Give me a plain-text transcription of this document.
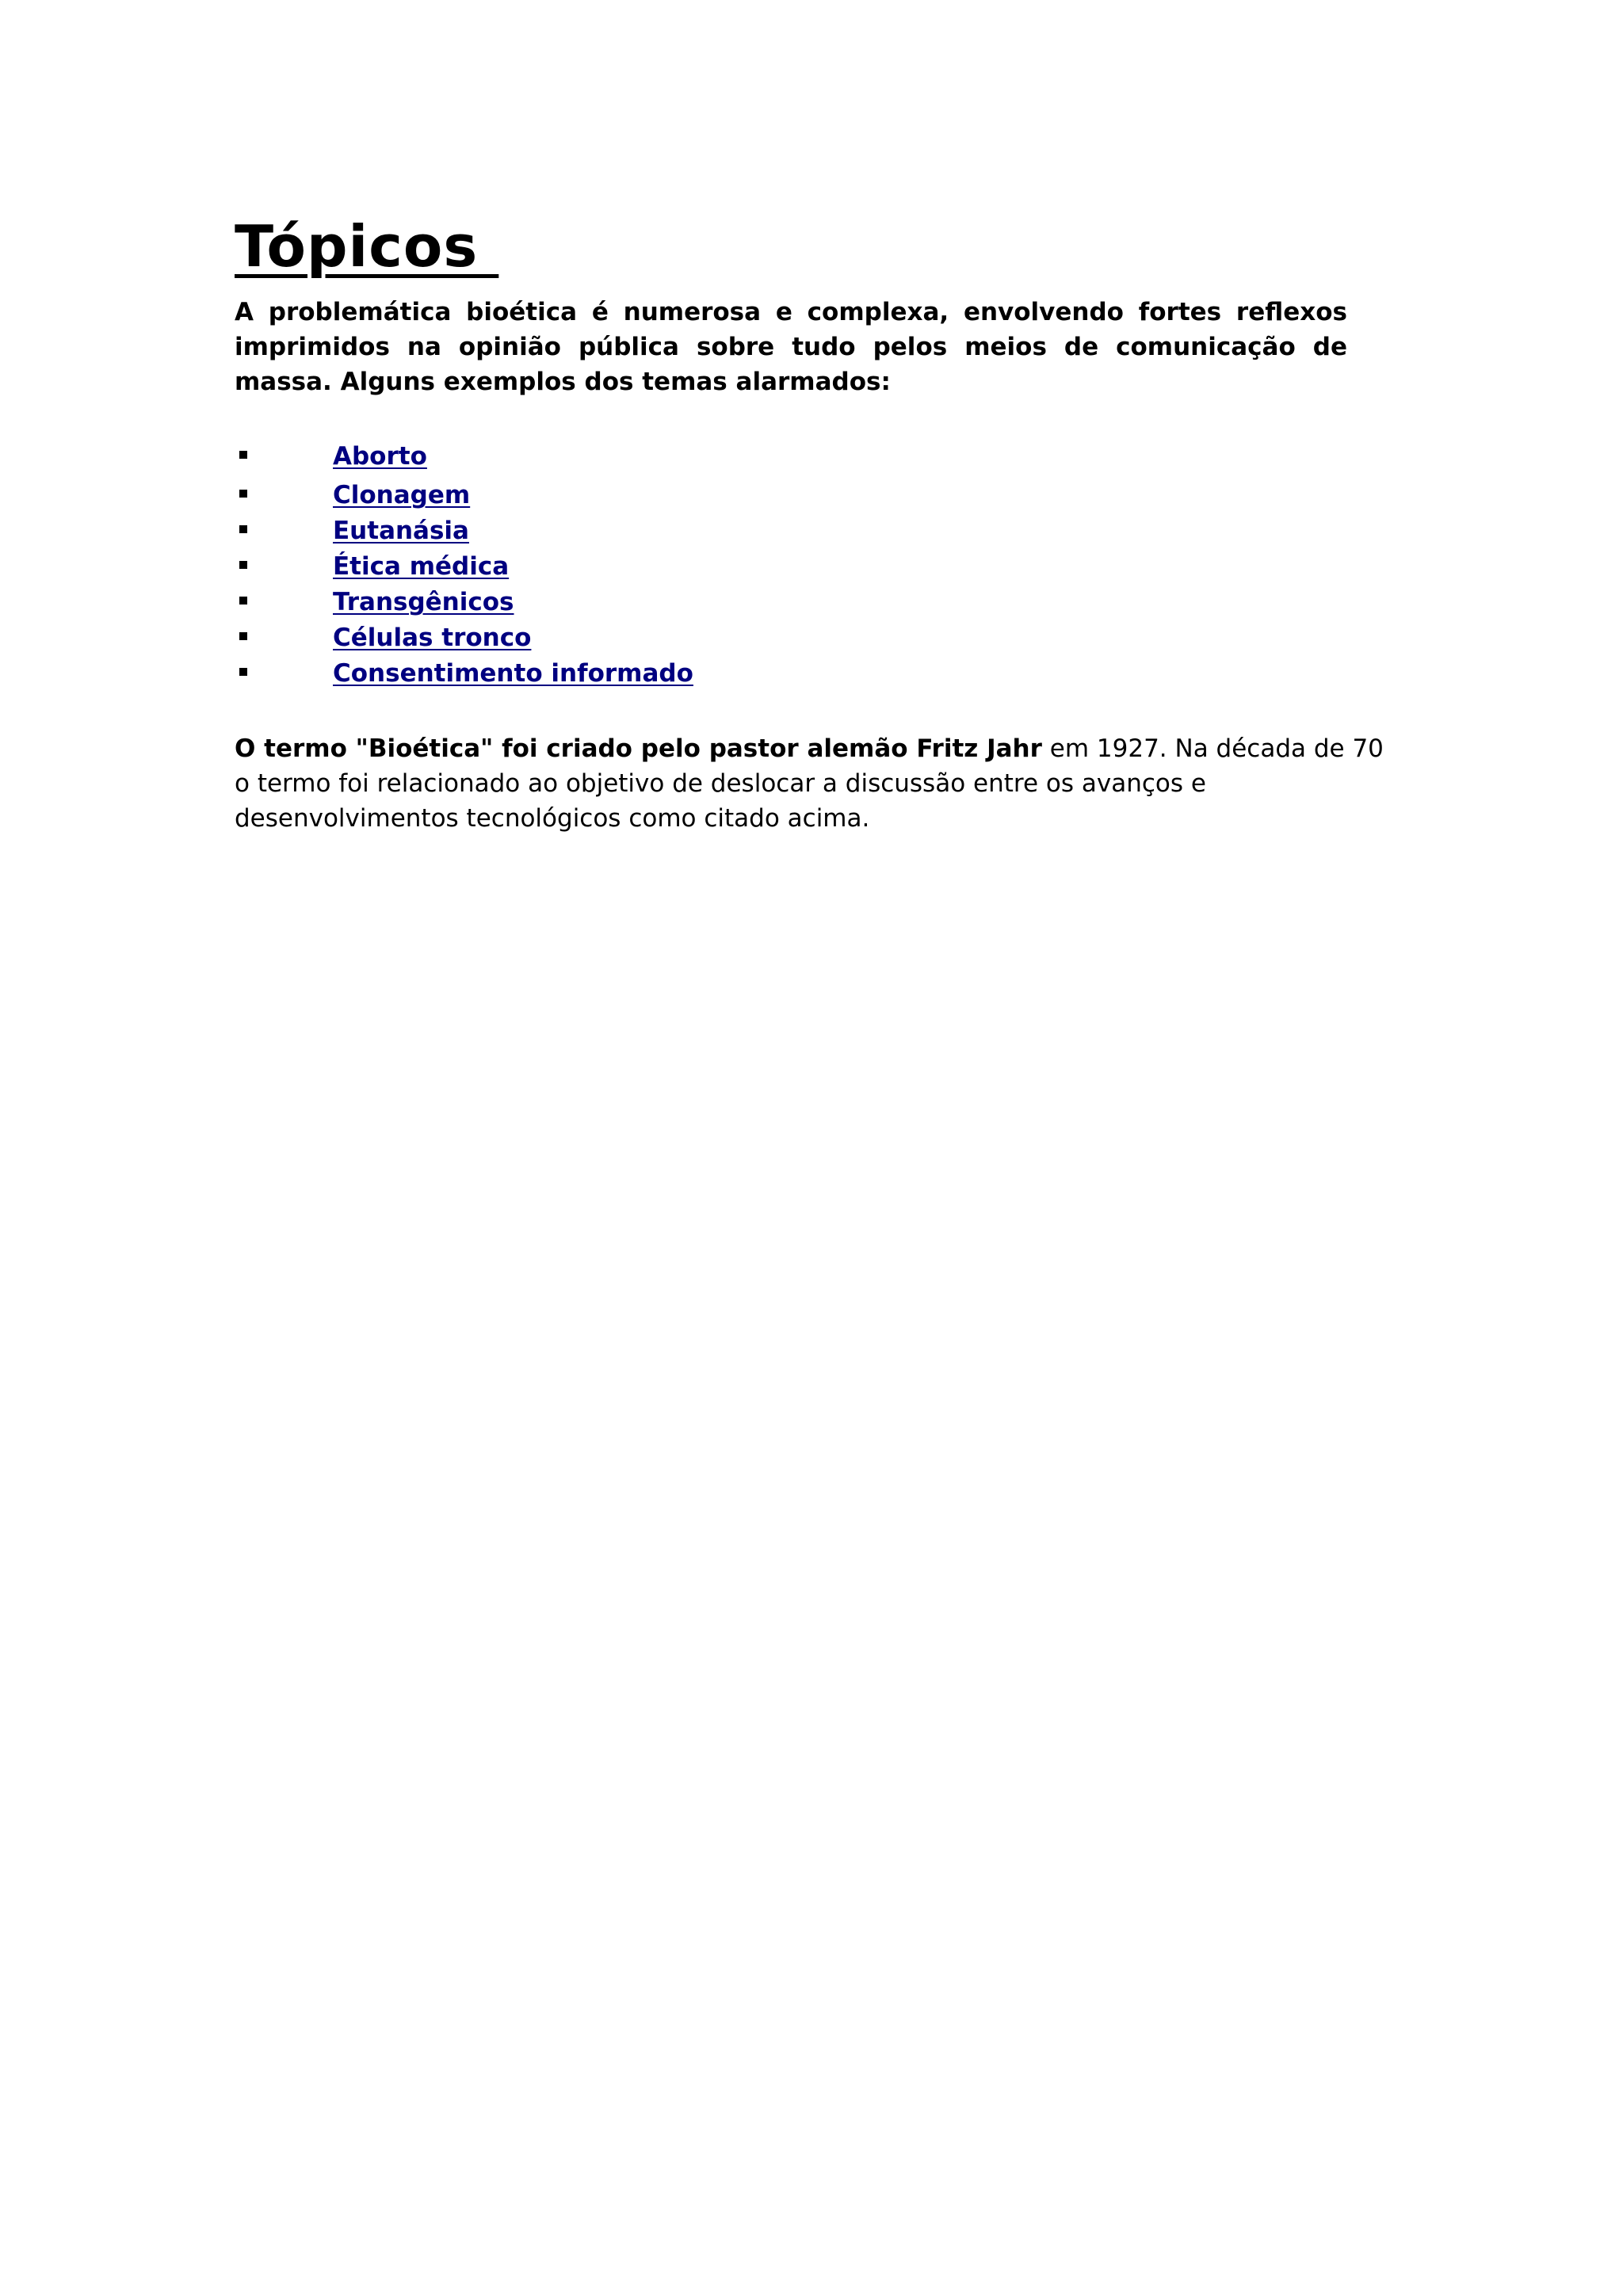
Tópicos

A problemática bioética é numerosa e complexa, envolvendo fortes reflexos imprimidos na opinião pública sobre tudo pelos meios de comunicação de massa. Alguns exemplos dos temas alarmados:

Aborto
Clonagem
Eutanásia
Ética médica
Transgênicos
Células tronco
Consentimento informado

O termo "Bioética" foi criado pelo pastor alemão Fritz Jahr em 1927. Na década de 70 o termo foi relacionado ao objetivo de deslocar a discussão entre os avanços e desenvolvimentos tecnológicos como citado acima.
